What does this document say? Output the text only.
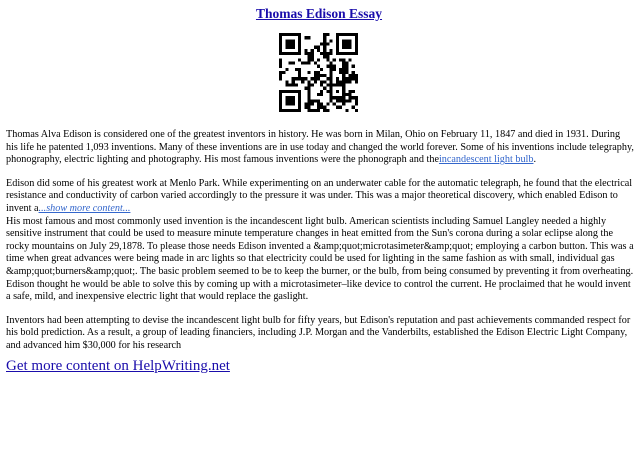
Thomas Edison Essay

Thomas Alva Edison is considered one of the greatest inventors in history. He was born in Milan, Ohio on February 11, 1847 and died in 1931. During his life he patented 1,093 inventions. Many of these inventions are in use today and changed the world forever. Some of his inventions include telegraphy, phonography, electric lighting and photography. His most famous inventions were the phonograph and theincandescent light bulb.

Edison did some of his greatest work at Menlo Park. While experimenting on an underwater cable for the automatic telegraph, he found that the electrical resistance and conductivity of carbon varied accordingly to the pressure it was under. This was a major theoretical discovery, which enabled Edison to invent a...show more content...

His most famous and most commonly used invention is the incandescent light bulb. American scientists including Samuel Langley needed a highly sensitive instrument that could be used to measure minute temperature changes in heat emitted from the Sun's corona during a solar eclipse along the rocky mountains on July 29,1878. To please those needs Edison invented a &amp;quot;microtasimeter&amp;quot; employing a carbon button. This was a time when great advances were being made in arc lights so that electricity could be used for lighting in the same fashion as with small, individual gas &amp;quot;burners&amp;quot;. The basic problem seemed to be to keep the burner, or the bulb, from being consumed by preventing it from overheating. Edison thought he would be able to solve this by coming up with a microtasimeter–like device to control the current. He proclaimed that he would invent a safe, mild, and inexpensive electric light that would replace the gaslight.

Inventors had been attempting to devise the incandescent light bulb for fifty years, but Edison's reputation and past achievements commanded respect for his bold prediction. As a result, a group of leading financiers, including J.P. Morgan and the Vanderbilts, established the Edison Electric Light Company, and advanced him $30,000 for his research

Get more content on HelpWriting.net
